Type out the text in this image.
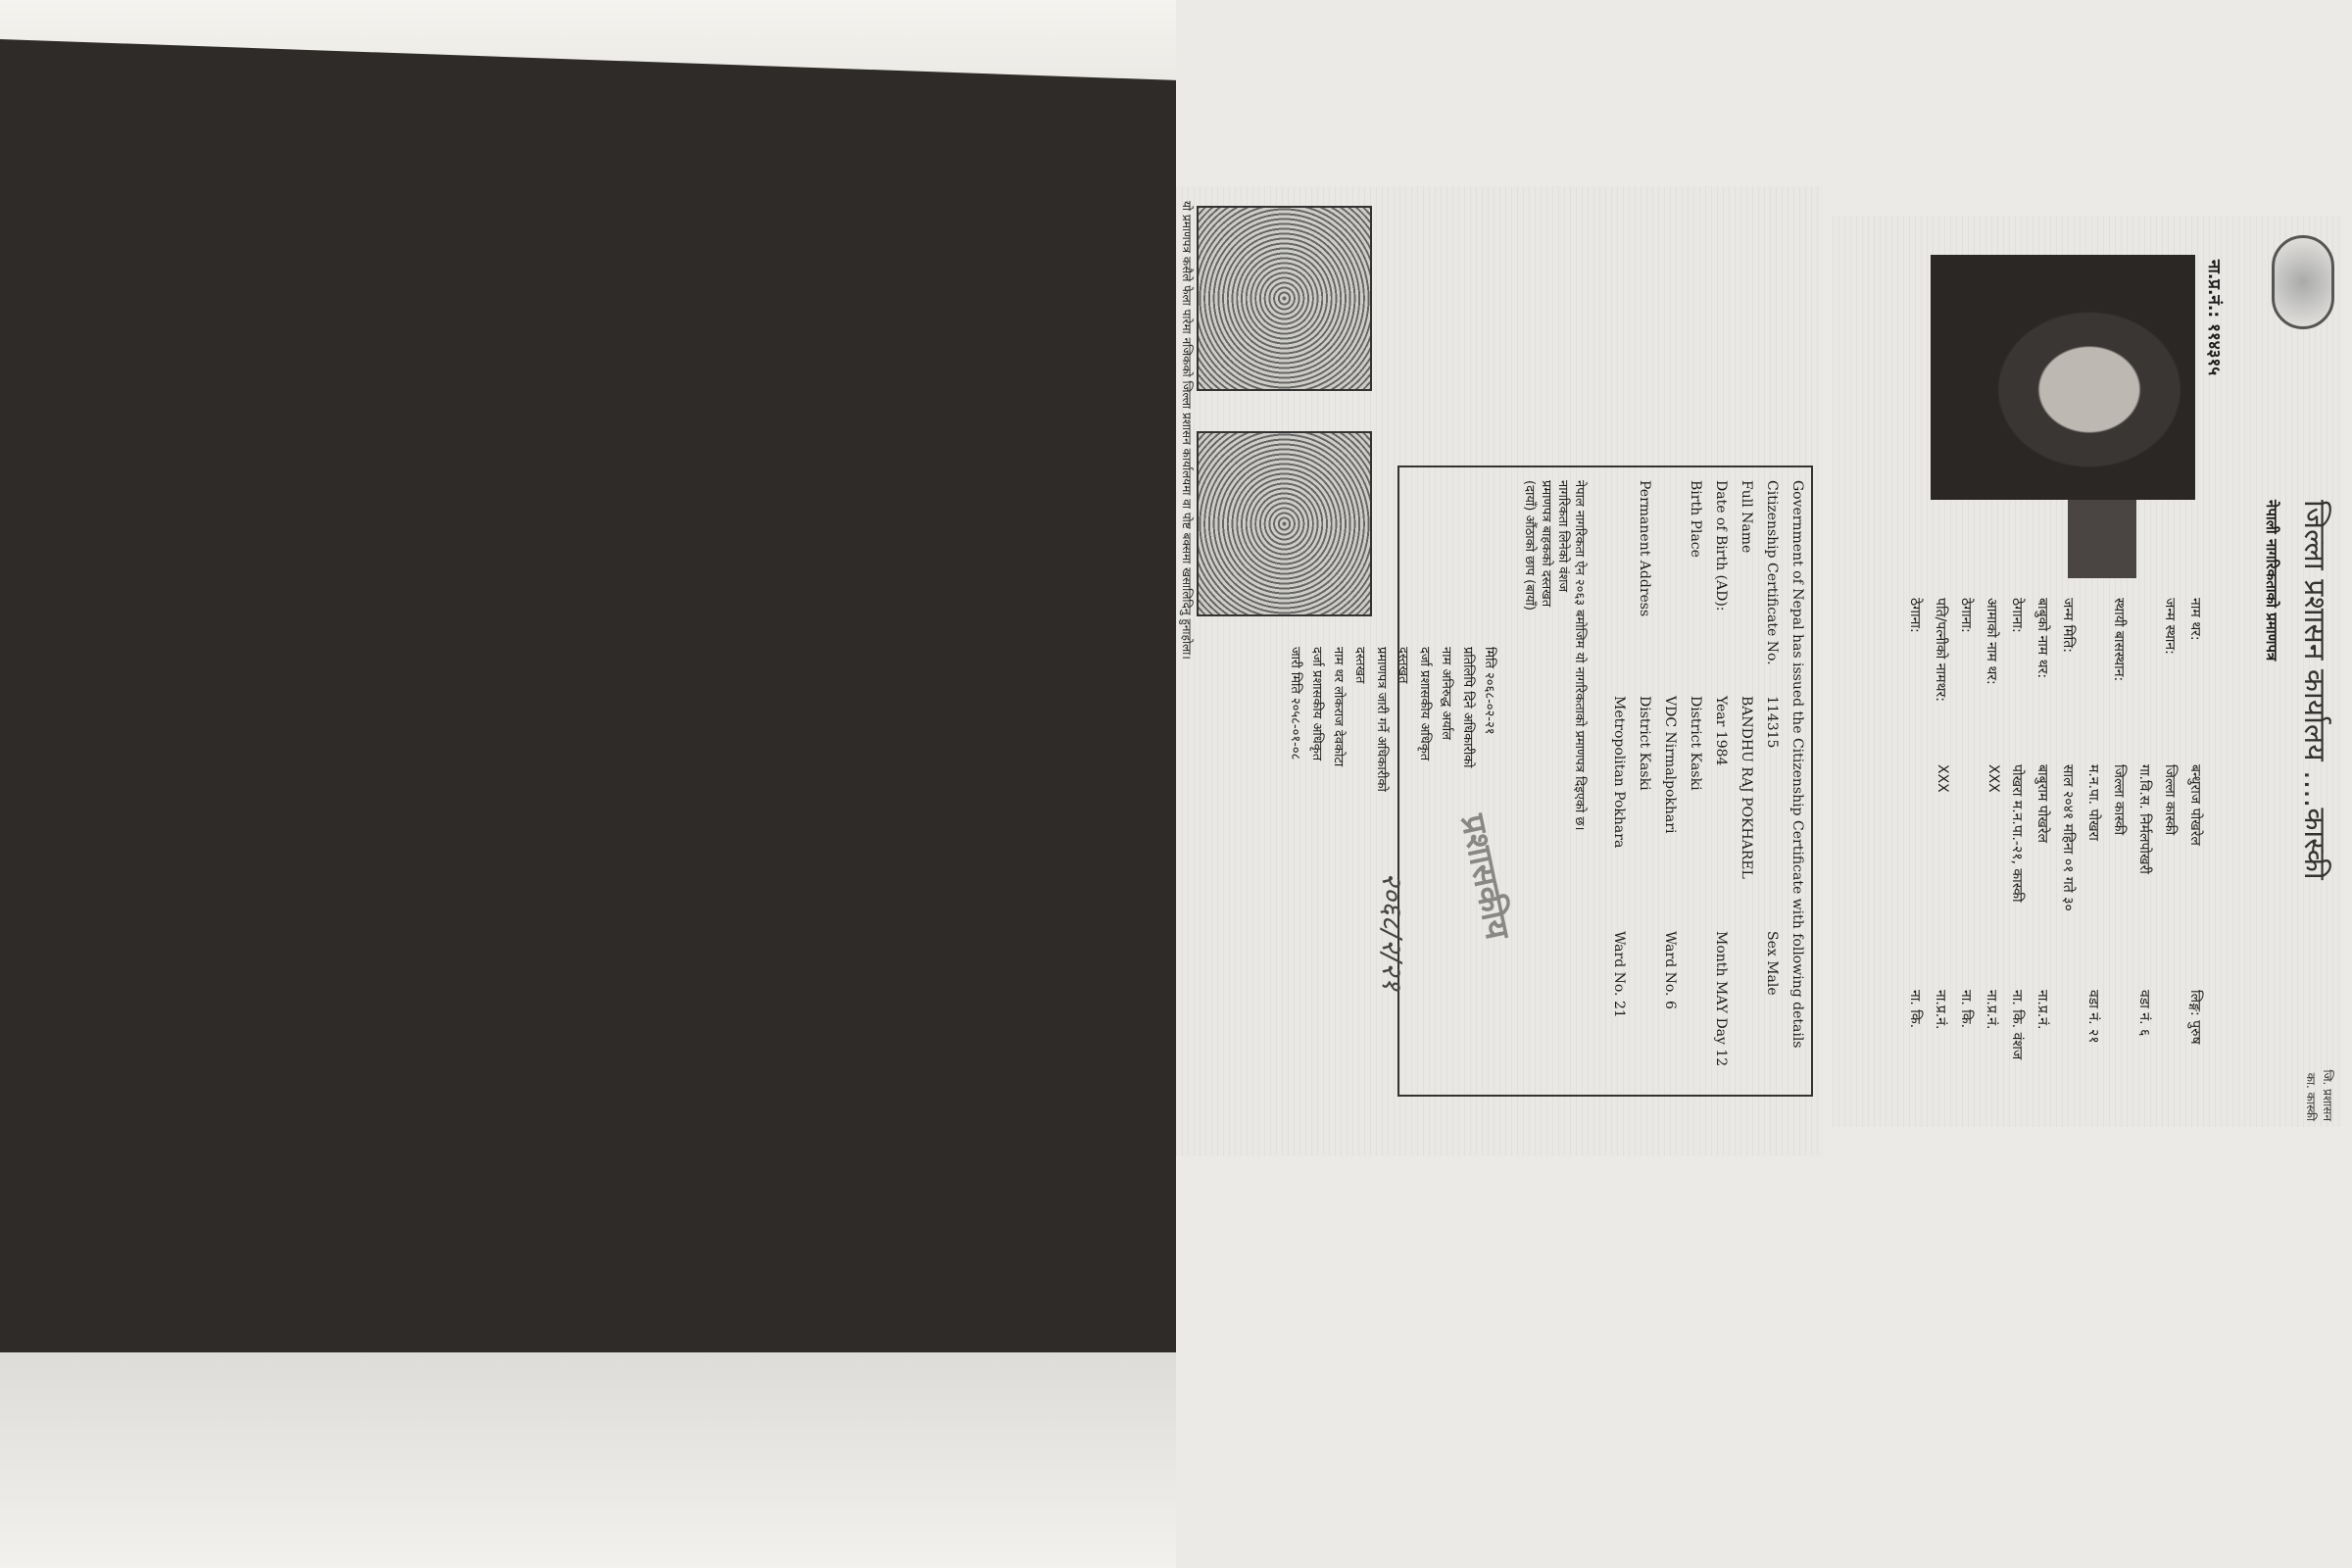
जिल्ला प्रशासन कार्यालय ....कास्की
जि. प्रशासन का. कास्की
नेपाली नागरिकताको प्रमाणपत्र
ना.प्र.नं.: ११४३१५
नाम थर:
बन्धुराज पोखरेल
लिङ्ग: पुरुष
जन्म स्थान:
जिल्ला कास्की
गा.वि.स. निर्मलपोखरी
वडा नं. ६
स्थायी बासस्थान:
जिल्ला कास्की
म.न.पा. पोखरा
वडा नं. २१
जन्म मिति:
साल २०४१ महिना ०१ गते ३०
बाबुको नाम थर:
बाबुराम पोखरेल
ना.प्र.नं.
ठेगाना:
पोखरा म.न.पा.-२१, कास्की
ना. कि. वंशज
आमाको नाम थर:
XXX
ना.प्र.नं.
ठेगाना:
ना. कि.
पति/पत्नीको नामथर:
XXX
ना.प्र.नं.
ठेगाना:
ना. कि.
Government of Nepal has issued the Citizenship Certificate with following details
Citizenship Certificate No.
114315
Sex Male
Full Name
BANDHU RAJ POKHAREL
Date of Birth (AD):
Year 1984
Month MAY Day 12
Birth Place
District Kaski
VDC Nirmalpokhari
Ward No. 6
Permanent Address
District Kaski
Metropolitan Pokhara
Ward No. 21
नेपाल नागरिकता ऐन २०६३ बमोजिम यो नागरिकताको प्रमाणपत्र दिइएको छ।
नागरिकता लिनेको वंशज
प्रमाणपत्र बाहकको दस्तखत
(दायाँ) औंठाको छाप (बायाँ)
मिति २०६८-०२-२१
प्रतिलिपि दिने अधिकारीको
नाम अनिरुद्ध अर्याल
दर्जा प्रशासकीय अधिकृत
दस्तखत
प्रमाणपत्र जारी गर्ने अधिकारीको
दस्तखत
नाम थर लोकराज देवकोटा
दर्जा प्रशासकीय अधिकृत
जारी मिति २०५८-०१-०८
प्रशासकीय
२०६८/२/२१
यो प्रमाणपत्र कसैले फेला पारेमा नजिकको जिल्ला प्रशासन कार्यालयमा वा पोष्ट बक्समा खसालिदिनु हुनाहोला।
